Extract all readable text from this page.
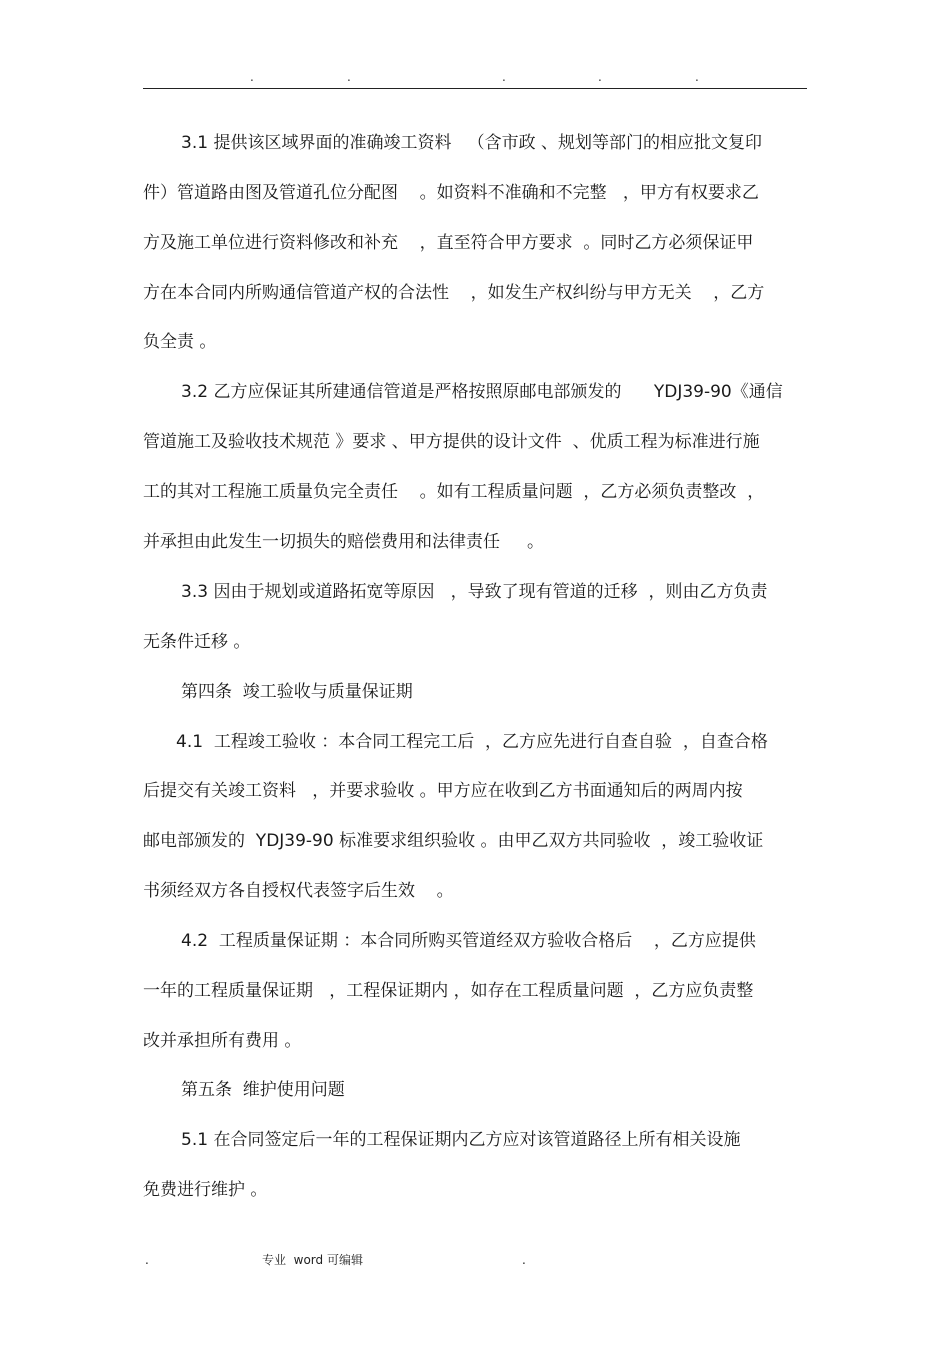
.	.	.	.	.
3.1 提供该区域界面的准确竣工资料   （含市政 、规划等部门的相应批文复印
件）管道路由图及管道孔位分配图    。如资料不准确和不完整   ，甲方有权要求乙
方及施工单位进行资料修改和补充    ，直至符合甲方要求  。同时乙方必须保证甲
方在本合同内所购通信管道产权的合法性    ，如发生产权纠纷与甲方无关    ，乙方
负全责 。
3.2 乙方应保证其所建通信管道是严格按照原邮电部颁发的      YDJ39-90《通信
管道施工及验收技术规范 》要求 、甲方提供的设计文件  、优质工程为标准进行施
工的其对工程施工质量负完全责任    。如有工程质量问题  ，乙方必须负责整改  ，
并承担由此发生一切损失的赔偿费用和法律责任     。
3.3 因由于规划或道路拓宽等原因   ，导致了现有管道的迁移  ，则由乙方负责
无条件迁移 。
第四条  竣工验收与质量保证期
4.1  工程竣工验收 ：本合同工程完工后  ，乙方应先进行自查自验  ，自查合格
后提交有关竣工资料   ，并要求验收 。甲方应在收到乙方书面通知后的两周内按
邮电部颁发的  YDJ39-90 标准要求组织验收 。由甲乙双方共同验收  ，竣工验收证
书须经双方各自授权代表签字后生效    。
4.2  工程质量保证期 ：本合同所购买管道经双方验收合格后    ，乙方应提供
一年的工程质量保证期   ，工程保证期内 ，如存在工程质量问题  ，乙方应负责整
改并承担所有费用 。
第五条  维护使用问题
5.1 在合同签定后一年的工程保证期内乙方应对该管道路径上所有相关设施
免费进行维护 。
.	专业  word 可编辑	.
